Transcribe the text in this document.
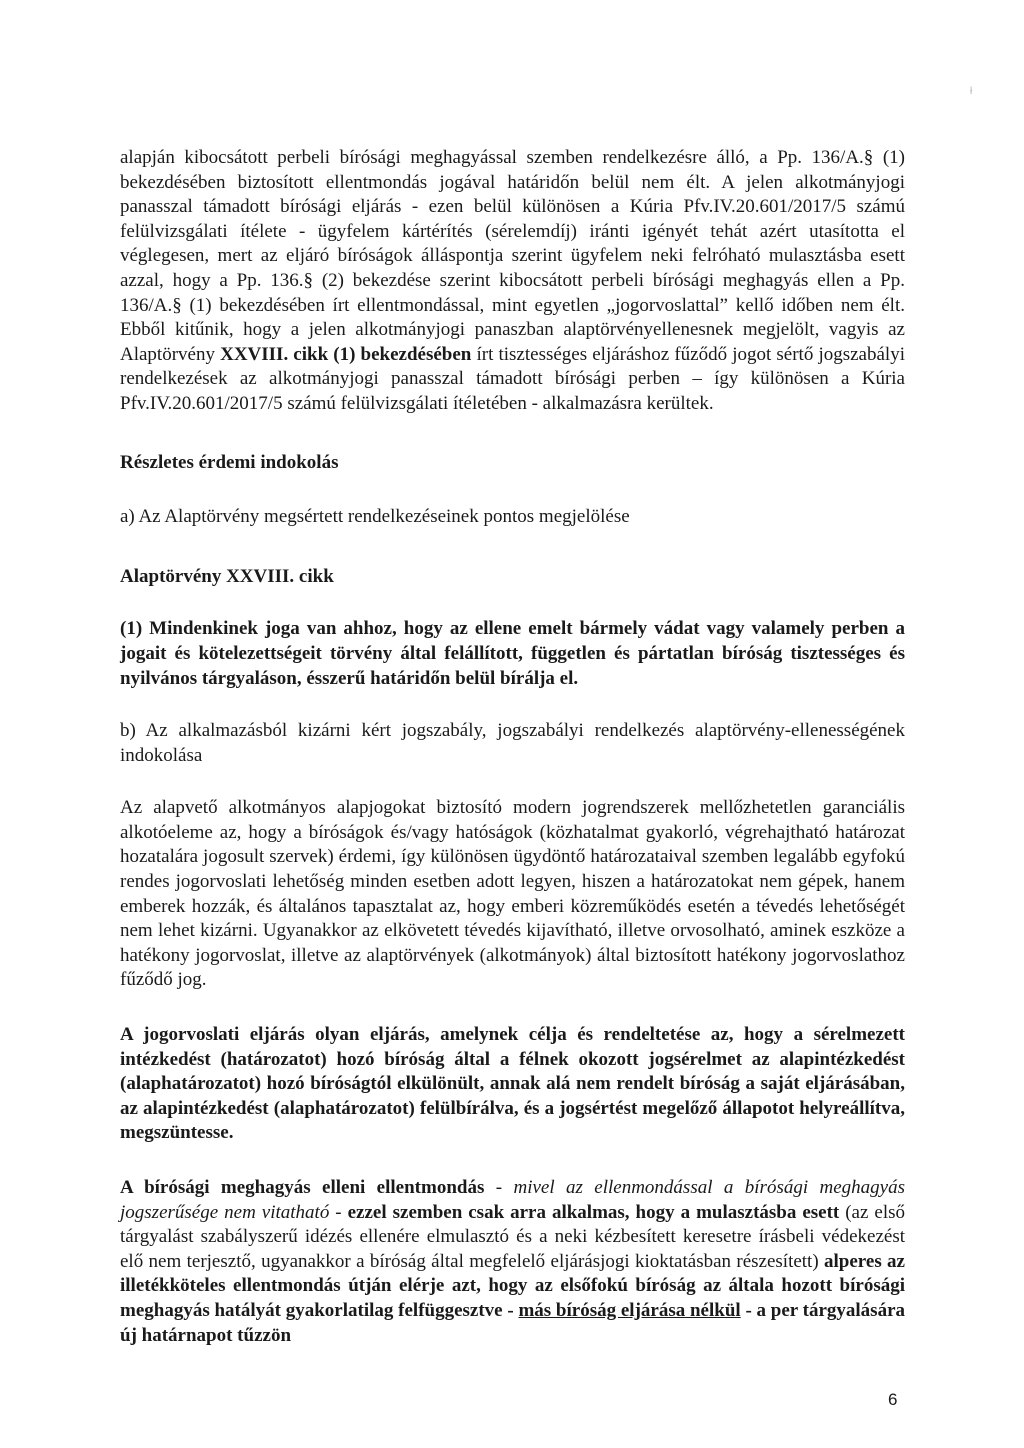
ł

alapján kibocsátott perbeli bírósági meghagyással szemben rendelkezésre álló, a Pp. 136/A.§ (1) bekezdésében biztosított ellentmondás jogával határidőn belül nem élt. A jelen alkotmányjogi panasszal támadott bírósági eljárás - ezen belül különösen a Kúria Pfv.IV.20.601/2017/5 számú felülvizsgálati ítélete - ügyfelem kártérítés (sérelemdíj) iránti igényét tehát azért utasította el véglegesen, mert az eljáró bíróságok álláspontja szerint ügyfelem neki felróható mulasztásba esett azzal, hogy a Pp. 136.§ (2) bekezdése szerint kibocsátott perbeli bírósági meghagyás ellen a Pp. 136/A.§ (1) bekezdésében írt ellentmondással, mint egyetlen „jogorvoslattal” kellő időben nem élt. Ebből kitűnik, hogy a jelen alkotmányjogi panaszban alaptörvényellenesnek megjelölt, vagyis az Alaptörvény XXVIII. cikk (1) bekezdésében írt tisztességes eljáráshoz fűződő jogot sértő jogszabályi rendelkezések az alkotmányjogi panasszal támadott bírósági perben – így különösen a Kúria Pfv.IV.20.601/2017/5 számú felülvizsgálati ítéletében - alkalmazásra kerültek.

Részletes érdemi indokolás

a) Az Alaptörvény megsértett rendelkezéseinek pontos megjelölése

Alaptörvény XXVIII. cikk

(1) Mindenkinek joga van ahhoz, hogy az ellene emelt bármely vádat vagy valamely perben a jogait és kötelezettségeit törvény által felállított, független és pártatlan bíróság tisztességes és nyilvános tárgyaláson, ésszerű határidőn belül bírálja el.

b) Az alkalmazásból kizárni kért jogszabály, jogszabályi rendelkezés alaptörvény-ellenességének indokolása

Az alapvető alkotmányos alapjogokat biztosító modern jogrendszerek mellőzhetetlen garanciális alkotóeleme az, hogy a bíróságok és/vagy hatóságok (közhatalmat gyakorló, végrehajtható határozat hozatalára jogosult szervek) érdemi, így különösen ügydöntő határozataival szemben legalább egyfokú rendes jogorvoslati lehetőség minden esetben adott legyen, hiszen a határozatokat nem gépek, hanem emberek hozzák, és általános tapasztalat az, hogy emberi közreműködés esetén a tévedés lehetőségét nem lehet kizárni. Ugyanakkor az elkövetett tévedés kijavítható, illetve orvosolható, aminek eszköze a hatékony jogorvoslat, illetve az alaptörvények (alkotmányok) által biztosított hatékony jogorvoslathoz fűződő jog.

A jogorvoslati eljárás olyan eljárás, amelynek célja és rendeltetése az, hogy a sérelmezett intézkedést (határozatot) hozó bíróság által a félnek okozott jogsérelmet az alapintézkedést (alaphatározatot) hozó bíróságtól elkülönült, annak alá nem rendelt bíróság a saját eljárásában, az alapintézkedést (alaphatározatot) felülbírálva, és a jogsértést megelőző állapotot helyreállítva, megszüntesse.

A bírósági meghagyás elleni ellentmondás - mivel az ellenmondással a bírósági meghagyás jogszerűsége nem vitatható - ezzel szemben csak arra alkalmas, hogy a mulasztásba esett (az első tárgyalást szabályszerű idézés ellenére elmulasztó és a neki kézbesített keresetre írásbeli védekezést elő nem terjesztő, ugyanakkor a bíróság által megfelelő eljárásjogi kioktatásban részesített) alperes az illetékköteles ellentmondás útján elérje azt, hogy az elsőfokú bíróság az általa hozott bírósági meghagyás hatályát gyakorlatilag felfüggesztve - más bíróság eljárása nélkül - a per tárgyalására új határnapot tűzzön

6
